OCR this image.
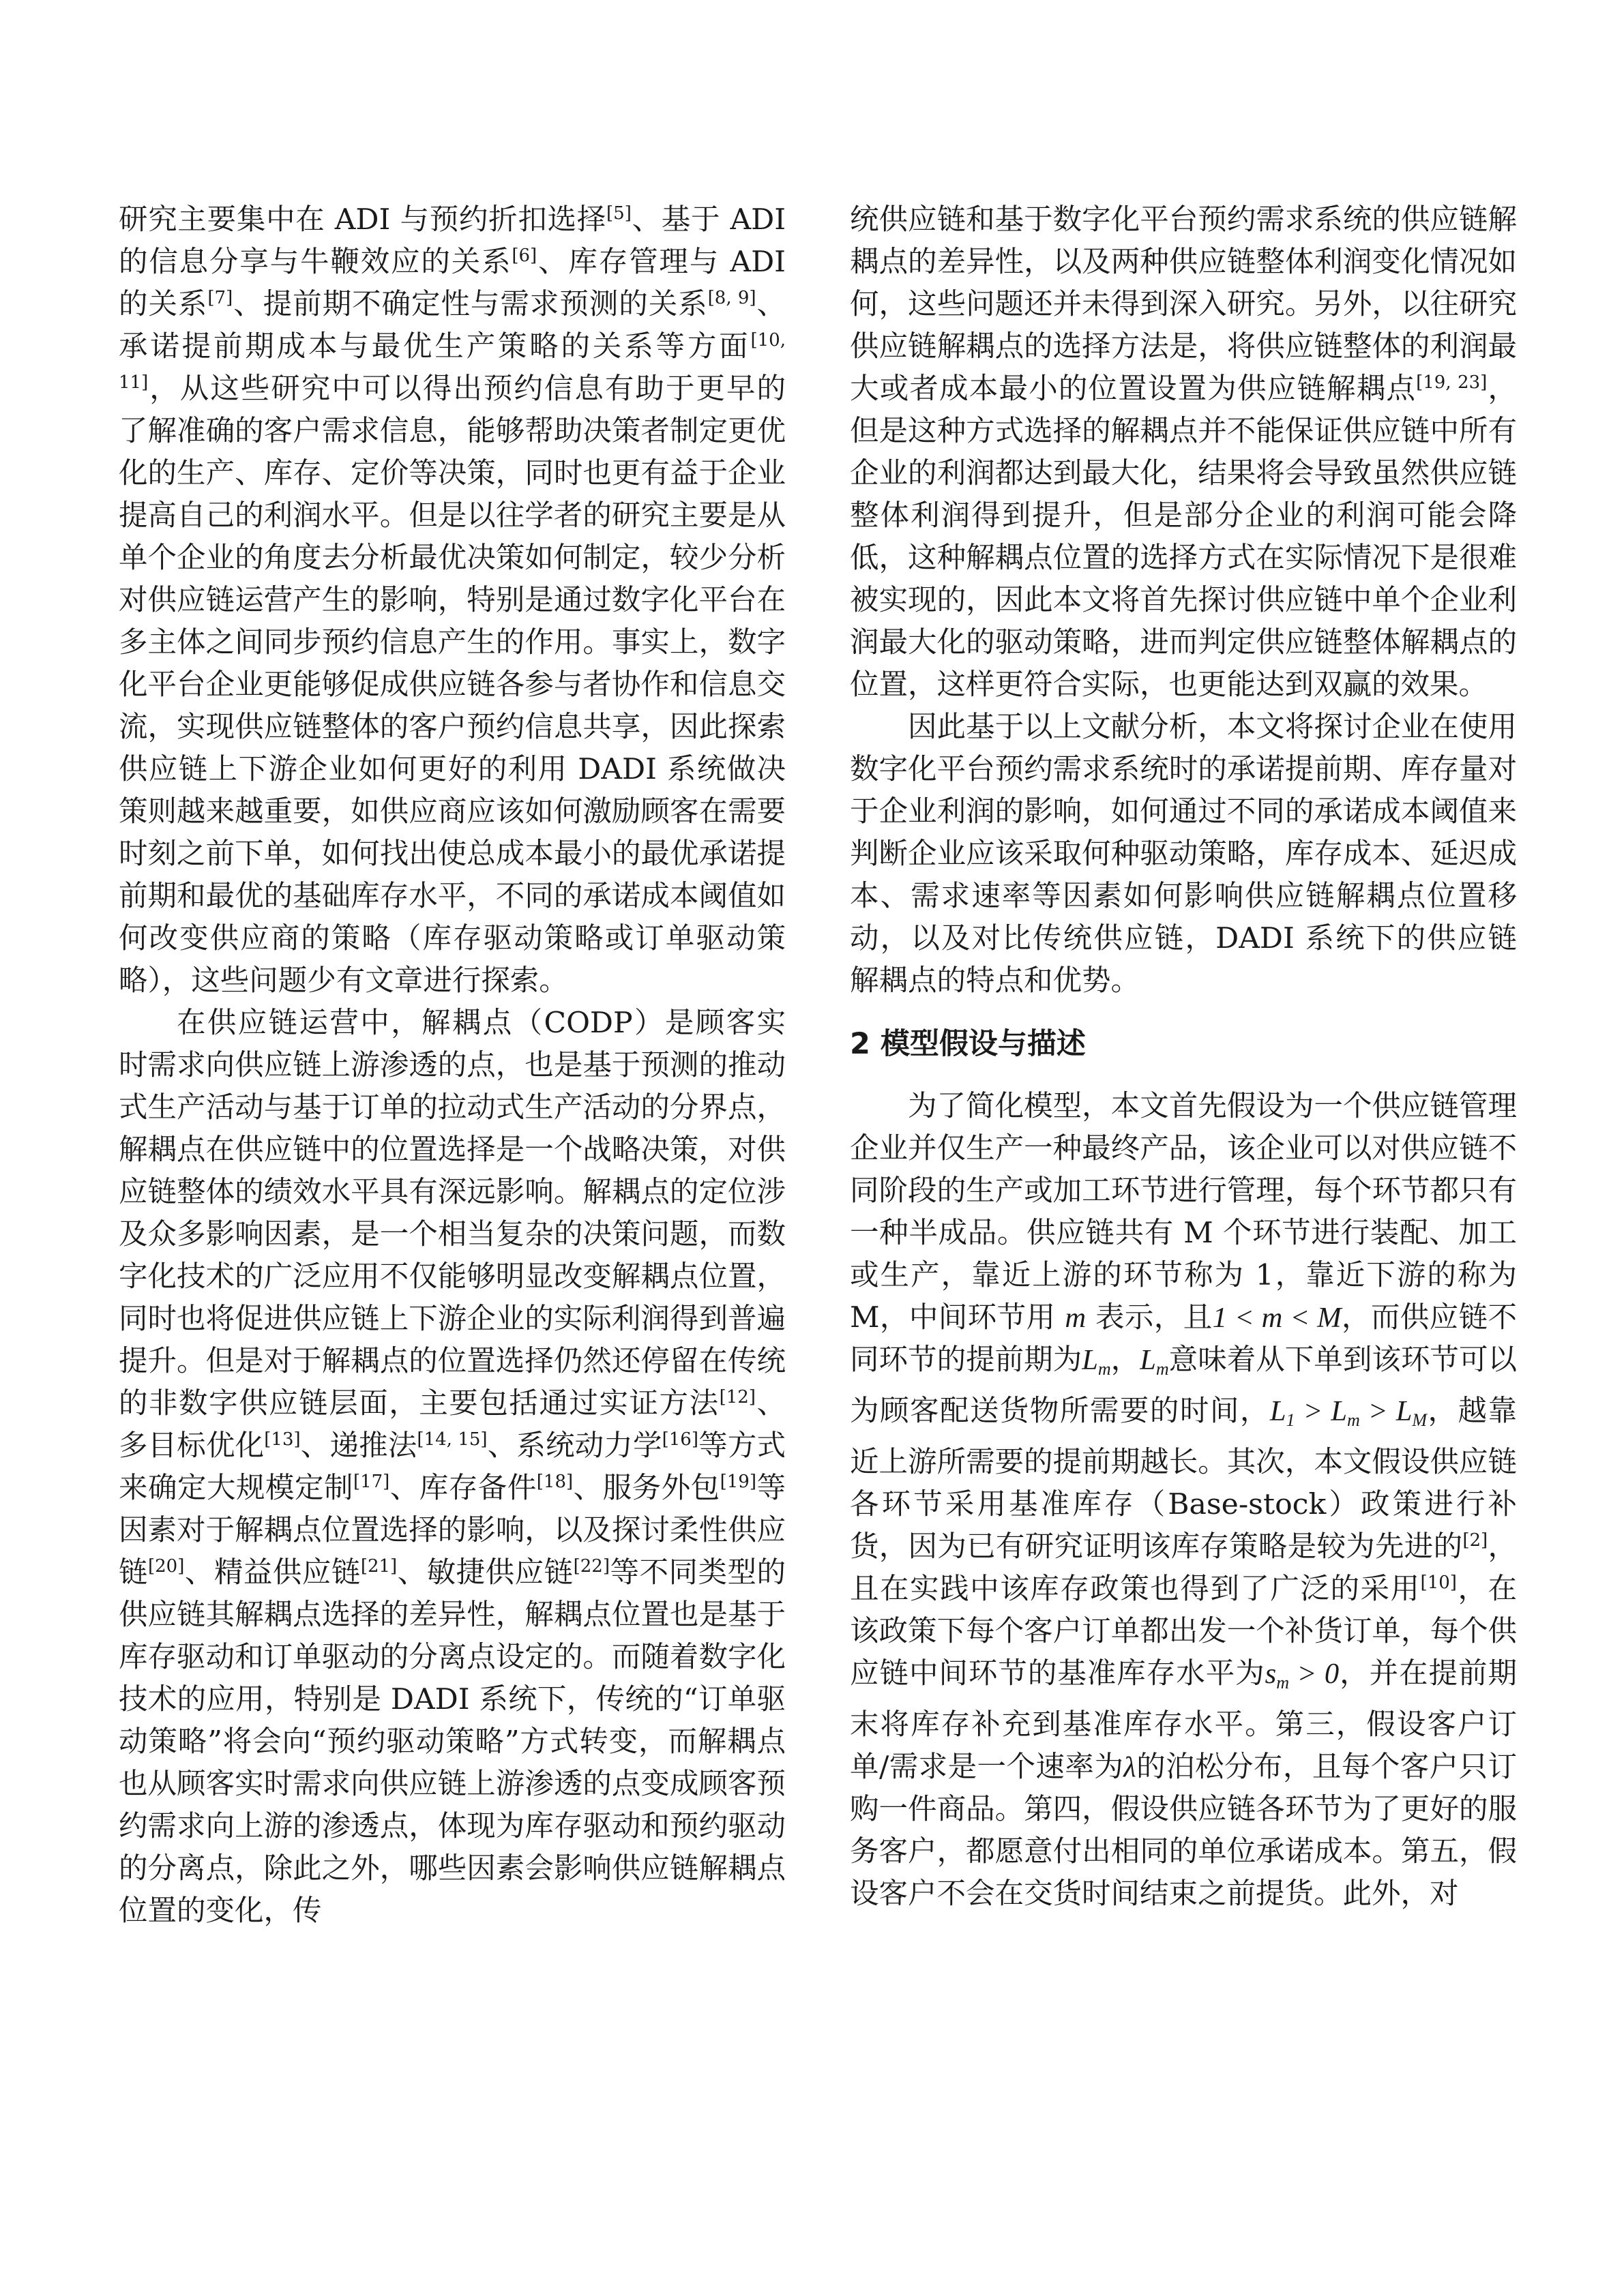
研究主要集中在 ADI 与预约折扣选择[5]、基于 ADI 的信息分享与牛鞭效应的关系[6]、库存管理与 ADI 的关系[7]、提前期不确定性与需求预测的关系[8, 9]、承诺提前期成本与最优生产策略的关系等方面[10, 11]，从这些研究中可以得出预约信息有助于更早的了解准确的客户需求信息，能够帮助决策者制定更优化的生产、库存、定价等决策，同时也更有益于企业提高自己的利润水平。但是以往学者的研究主要是从单个企业的角度去分析最优决策如何制定，较少分析对供应链运营产生的影响，特别是通过数字化平台在多主体之间同步预约信息产生的作用。事实上，数字化平台企业更能够促成供应链各参与者协作和信息交流，实现供应链整体的客户预约信息共享，因此探索供应链上下游企业如何更好的利用 DADI 系统做决策则越来越重要，如供应商应该如何激励顾客在需要时刻之前下单，如何找出使总成本最小的最优承诺提前期和最优的基础库存水平，不同的承诺成本阈值如何改变供应商的策略（库存驱动策略或订单驱动策略），这些问题少有文章进行探索。

在供应链运营中，解耦点（CODP）是顾客实时需求向供应链上游渗透的点，也是基于预测的推动式生产活动与基于订单的拉动式生产活动的分界点，解耦点在供应链中的位置选择是一个战略决策，对供应链整体的绩效水平具有深远影响。解耦点的定位涉及众多影响因素，是一个相当复杂的决策问题，而数字化技术的广泛应用不仅能够明显改变解耦点位置，同时也将促进供应链上下游企业的实际利润得到普遍提升。但是对于解耦点的位置选择仍然还停留在传统的非数字供应链层面，主要包括通过实证方法[12]、多目标优化[13]、递推法[14, 15]、系统动力学[16]等方式来确定大规模定制[17]、库存备件[18]、服务外包[19]等因素对于解耦点位置选择的影响，以及探讨柔性供应链[20]、精益供应链[21]、敏捷供应链[22]等不同类型的供应链其解耦点选择的差异性，解耦点位置也是基于库存驱动和订单驱动的分离点设定的。而随着数字化技术的应用，特别是 DADI 系统下，传统的“订单驱动策略”将会向“预约驱动策略”方式转变，而解耦点也从顾客实时需求向供应链上游渗透的点变成顾客预约需求向上游的渗透点，体现为库存驱动和预约驱动的分离点，除此之外，哪些因素会影响供应链解耦点位置的变化，传

统供应链和基于数字化平台预约需求系统的供应链解耦点的差异性，以及两种供应链整体利润变化情况如何，这些问题还并未得到深入研究。另外，以往研究供应链解耦点的选择方法是，将供应链整体的利润最大或者成本最小的位置设置为供应链解耦点[19, 23]，但是这种方式选择的解耦点并不能保证供应链中所有企业的利润都达到最大化，结果将会导致虽然供应链整体利润得到提升，但是部分企业的利润可能会降低，这种解耦点位置的选择方式在实际情况下是很难被实现的，因此本文将首先探讨供应链中单个企业利润最大化的驱动策略，进而判定供应链整体解耦点的位置，这样更符合实际，也更能达到双赢的效果。

因此基于以上文献分析，本文将探讨企业在使用数字化平台预约需求系统时的承诺提前期、库存量对于企业利润的影响，如何通过不同的承诺成本阈值来判断企业应该采取何种驱动策略，库存成本、延迟成本、需求速率等因素如何影响供应链解耦点位置移动，以及对比传统供应链，DADI 系统下的供应链解耦点的特点和优势。

2 模型假设与描述

为了简化模型，本文首先假设为一个供应链管理企业并仅生产一种最终产品，该企业可以对供应链不同阶段的生产或加工环节进行管理，每个环节都只有一种半成品。供应链共有 M 个环节进行装配、加工或生产，靠近上游的环节称为 1，靠近下游的称为 M，中间环节用 m 表示，且1 < m < M，而供应链不同环节的提前期为$L_m$，$L_m$意味着从下单到该环节可以为顾客配送货物所需要的时间，$L_1 > L_m > L_M$，越靠近上游所需要的提前期越长。其次，本文假设供应链各环节采用基准库存（Base-stock）政策进行补货，因为已有研究证明该库存策略是较为先进的[2]，且在实践中该库存政策也得到了广泛的采用[10]，在该政策下每个客户订单都出发一个补货订单，每个供应链中间环节的基准库存水平为$s_m > 0$，并在提前期末将库存补充到基准库存水平。第三，假设客户订单/需求是一个速率为λ的泊松分布，且每个客户只订购一件商品。第四，假设供应链各环节为了更好的服务客户，都愿意付出相同的单位承诺成本。第五，假设客户不会在交货时间结束之前提货。此外，对
